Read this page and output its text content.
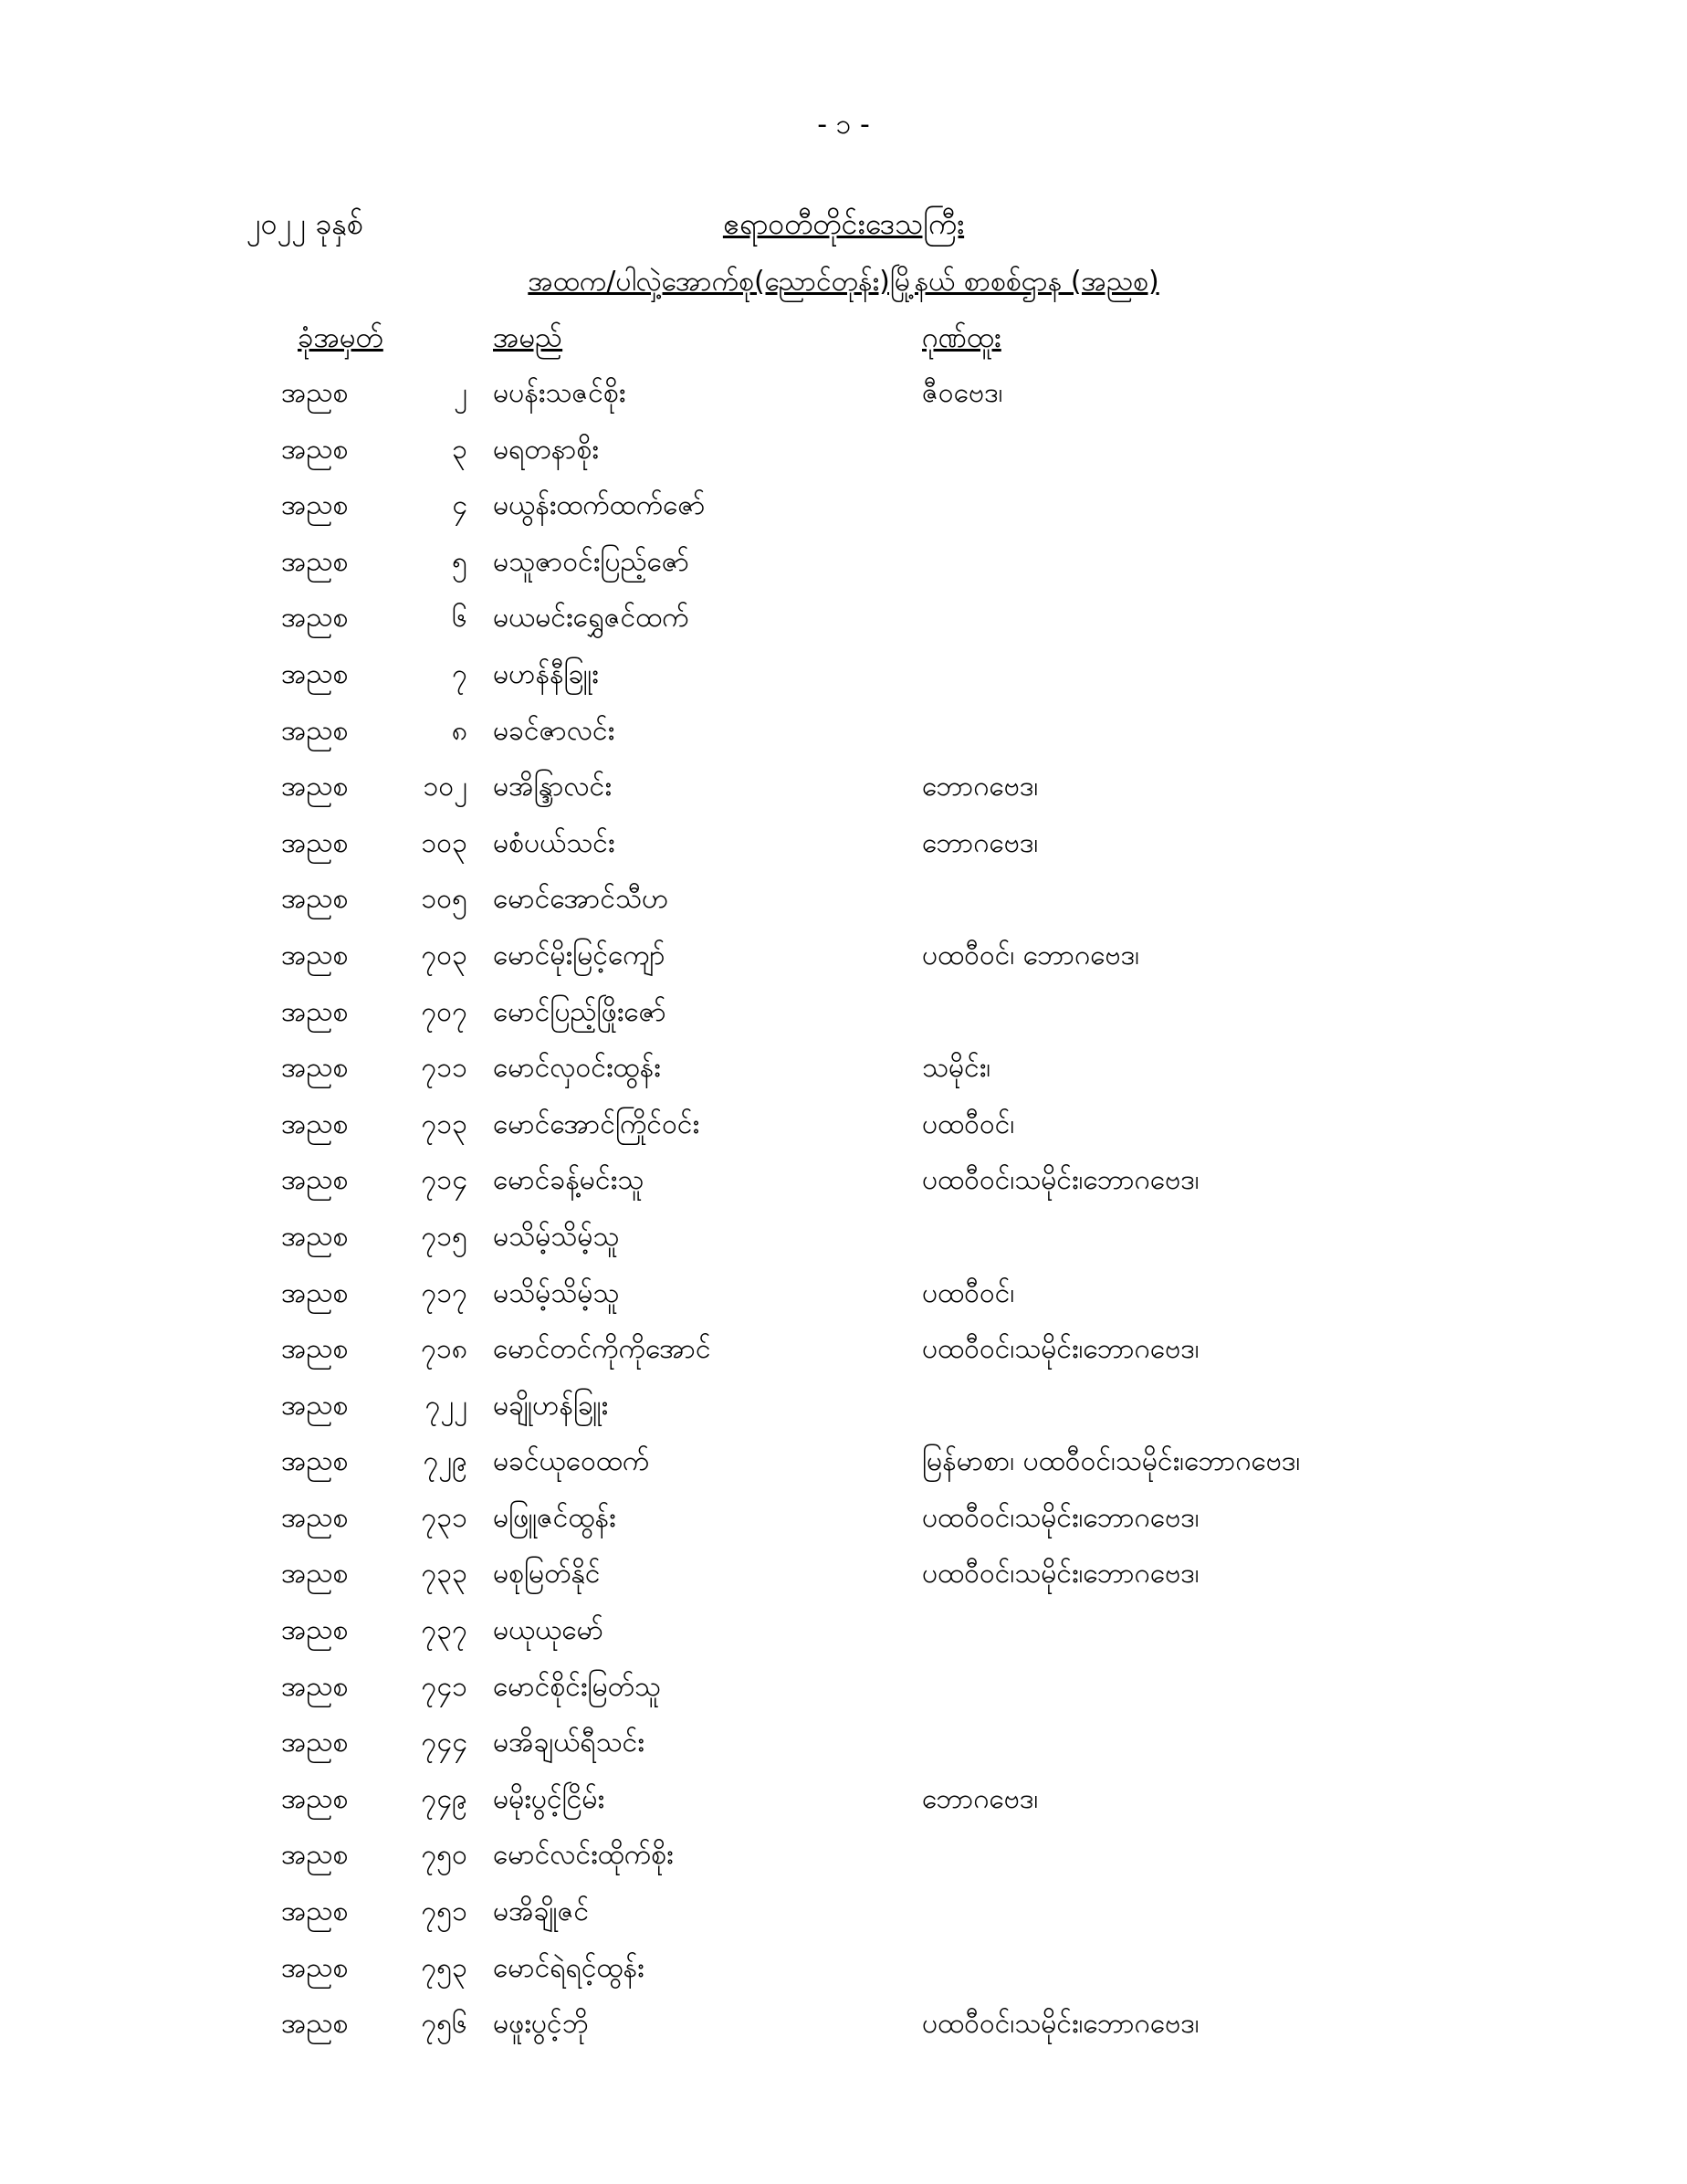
- ၁ -
၂၀၂၂ ခုနှစ်	ဧရာဝတီတိုင်းဒေသကြီး
အထက/ပါလှဲ့အောက်စု(ညောင်တုန်း)မြို့နယ် စာစစ်ဌာန (အညစ)
ခုံအမှတ်	အမည်	ဂုဏ်ထူး
အညစ	၂ မပန်းသဇင်စိုး	ဇီဝဗေဒ၊
အညစ	၃ မရတနာစိုး
အညစ	၄ မယွန်းထက်ထက်ဇော်
အညစ	၅ မသူဇာဝင်းပြည့်ဇော်
အညစ	၆ မယမင်းရွှေဇင်ထက်
အညစ	၇ မဟန်နီခြူး
အညစ	၈ မခင်ဇာလင်း
အညစ	၁၀၂ မအိန္ဒြာလင်း	ဘောဂဗေဒ၊
အညစ	၁၀၃ မစံပယ်သင်း	ဘောဂဗေဒ၊
အညစ	၁၀၅ မောင်အောင်သီဟ
အညစ	၇၀၃ မောင်မိုးမြင့်ကျော်	ပထဝီဝင်၊ ဘောဂဗေဒ၊
အညစ	၇၀၇ မောင်ပြည့်ဖြိုးဇော်
အညစ	၇၁၁ မောင်လှဝင်းထွန်း	သမိုင်း၊
အညစ	၇၁၃ မောင်အောင်ကြိုင်ဝင်း	ပထဝီဝင်၊
အညစ	၇၁၄ မောင်ခန့်မင်းသူ	ပထဝီဝင်၊သမိုင်း၊ဘောဂဗေဒ၊
အညစ	၇၁၅ မသိမ့်သိမ့်သူ
အညစ	၇၁၇ မသိမ့်သိမ့်သူ	ပထဝီဝင်၊
အညစ	၇၁၈ မောင်တင်ကိုကိုအောင်	ပထဝီဝင်၊သမိုင်း၊ဘောဂဗေဒ၊
အညစ	၇၂၂ မချိုဟန်ခြူး
အညစ	၇၂၉ မခင်ယုဝေထက်	မြန်မာစာ၊ ပထဝီဝင်၊သမိုင်း၊ဘောဂဗေဒ၊
အညစ	၇၃၁ မဖြူဇင်ထွန်း	ပထဝီဝင်၊သမိုင်း၊ဘောဂဗေဒ၊
အညစ	၇၃၃ မစုမြတ်နိုင်	ပထဝီဝင်၊သမိုင်း၊ဘောဂဗေဒ၊
အညစ	၇၃၇ မယုယုမော်
အညစ	၇၄၁ မောင်စိုင်းမြတ်သူ
အညစ	၇၄၄ မအိချယ်ရီသင်း
အညစ	၇၄၉ မမိုးပွင့်ငြိမ်း	ဘောဂဗေဒ၊
အညစ	၇၅၀ မောင်လင်းထိုက်စိုး
အညစ	၇၅၁ မအိချိုဇင်
အညစ	၇၅၃ မောင်ရဲရင့်ထွန်း
အညစ	၇၅၆ မဖူးပွင့်ဘို	ပထဝီဝင်၊သမိုင်း၊ဘောဂဗေဒ၊
